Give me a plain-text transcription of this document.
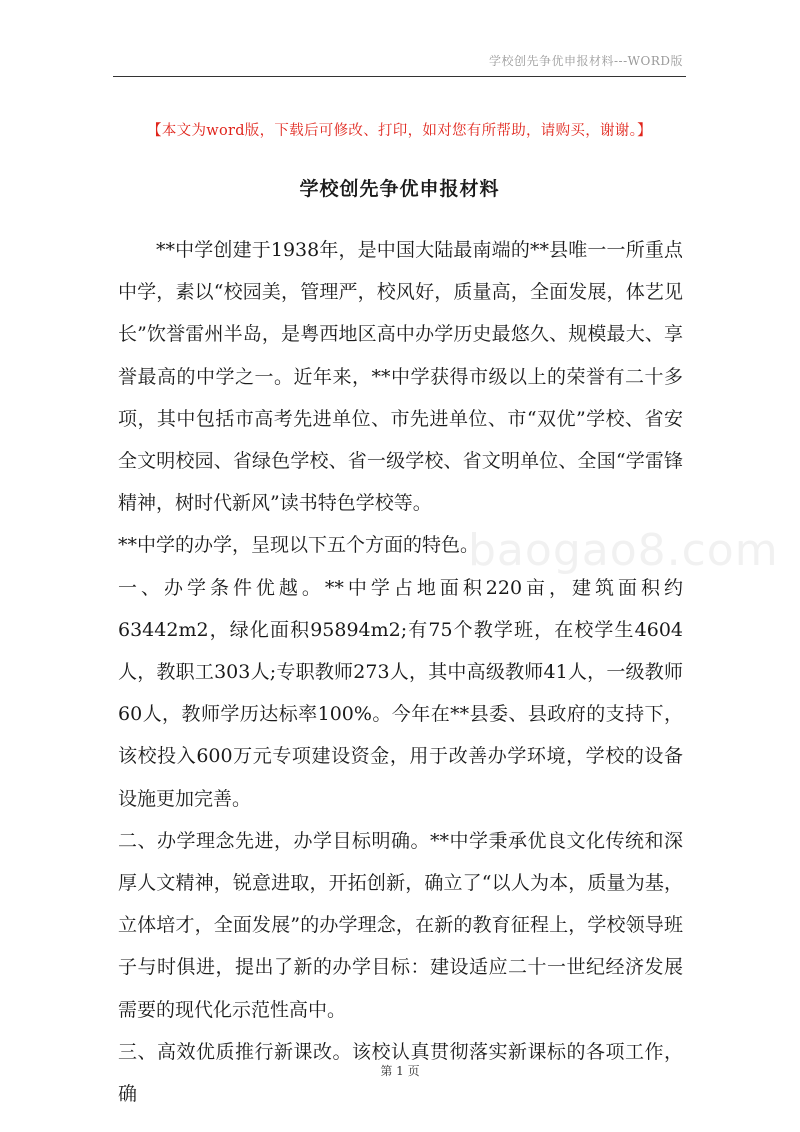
学校创先争优申报材料---WORD版
【本文为word版，下载后可修改、打印，如对您有所帮助，请购买，谢谢。】
学校创先争优申报材料
baogao8.com

**中学创建于1938年，是中国大陆最南端的**县唯一一所重点中学，素以“校园美，管理严，校风好，质量高，全面发展，体艺见长”饮誉雷州半岛，是粤西地区高中办学历史最悠久、规模最大、享誉最高的中学之一。近年来，**中学获得市级以上的荣誉有二十多项，其中包括市高考先进单位、市先进单位、市“双优”学校、省安全文明校园、省绿色学校、省一级学校、省文明单位、全国“学雷锋精神，树时代新风”读书特色学校等。

**中学的办学，呈现以下五个方面的特色。

一、办学条件优越。**中学占地面积220亩，建筑面积约63442m2，绿化面积95894m2;有75个教学班，在校学生4604人，教职工303人;专职教师273人，其中高级教师41人，一级教师60人，教师学历达标率100%。今年在**县委、县政府的支持下，该校投入600万元专项建设资金，用于改善办学环境，学校的设备设施更加完善。

二、办学理念先进，办学目标明确。**中学秉承优良文化传统和深厚人文精神，锐意进取，开拓创新，确立了“以人为本，质量为基，立体培才，全面发展”的办学理念，在新的教育征程上，学校领导班子与时俱进，提出了新的办学目标：建设适应二十一世纪经济发展需要的现代化示范性高中。

三、高效优质推行新课改。该校认真贯彻落实新课标的各项工作，确

第 1 页
